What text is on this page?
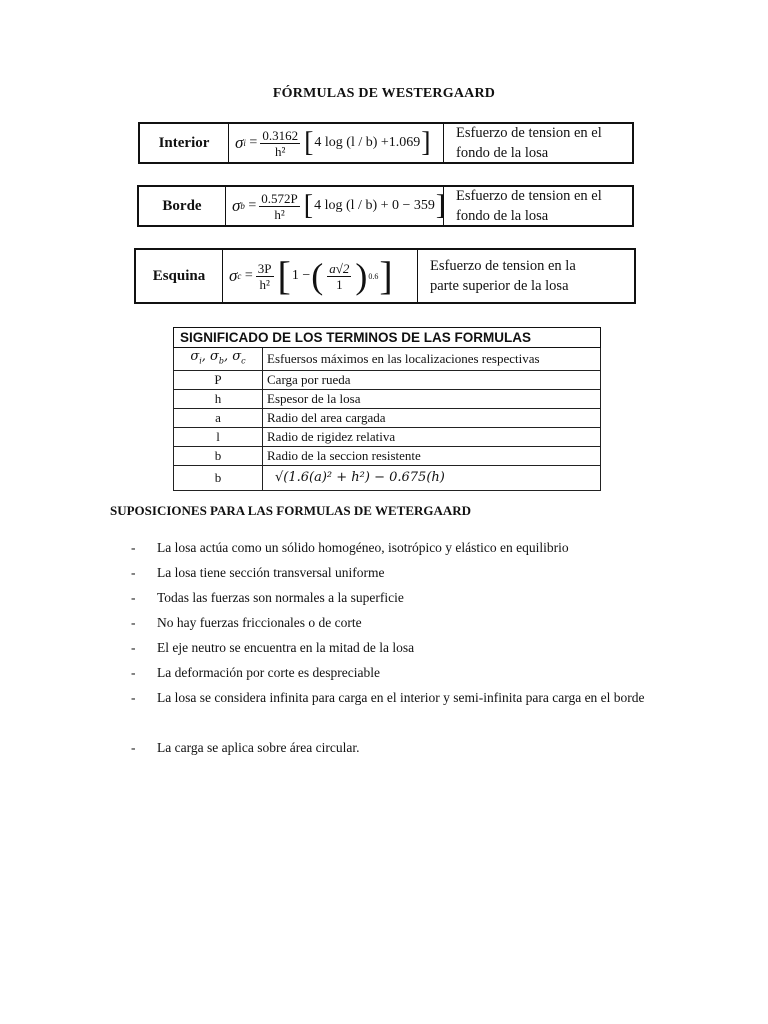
FÓRMULAS DE WESTERGAARD
Interior	σ $i = \frac{0.3162}{\text{h²}}$ [ 4 log (l / b) +1.069 ] Esfuerzo de tension en el
fondo de la losa
Borde	σ $b = \frac{0.572P}{\text{h²}}$ [ 4 log (l / b) + 0 − 359 ] Esfuerzo de tension en el
fondo de la losa
Esquina	σ $c = \frac{3P}{\text{h²}}$ [ 1 − ( $\frac{a√2}{1}$ ) 0.6 ]	Esfuerzo de tension en la
parte superior de la losa
SIGNIFICADO DE LOS TERMINOS DE LAS FORMULAS	
$\sigma_i$, $\sigma_b$, $\sigma_c$	Esfuersos máximos en las localizaciones respectivas
P	Carga por rueda
h	Espesor de la losa
a	Radio del area cargada
l	Radio de rigidez relativa
b	Radio de la seccion resistente
b	√(1.6(a)² + h²) − 0.675(h)
SUPOSICIONES PARA LAS FORMULAS DE WETERGAARD
- La losa actúa como un sólido homogéneo, isotrópico y elástico en equilibrio
- La losa tiene sección transversal uniforme
- Todas las fuerzas son normales a la superficie
- No hay fuerzas friccionales o de corte
- El eje neutro se encuentra en la mitad de la losa
- La deformación por corte es despreciable
- La losa se considera infinita para carga en el interior y semi-infinita para carga en el borde
- La carga se aplica sobre área circular.
